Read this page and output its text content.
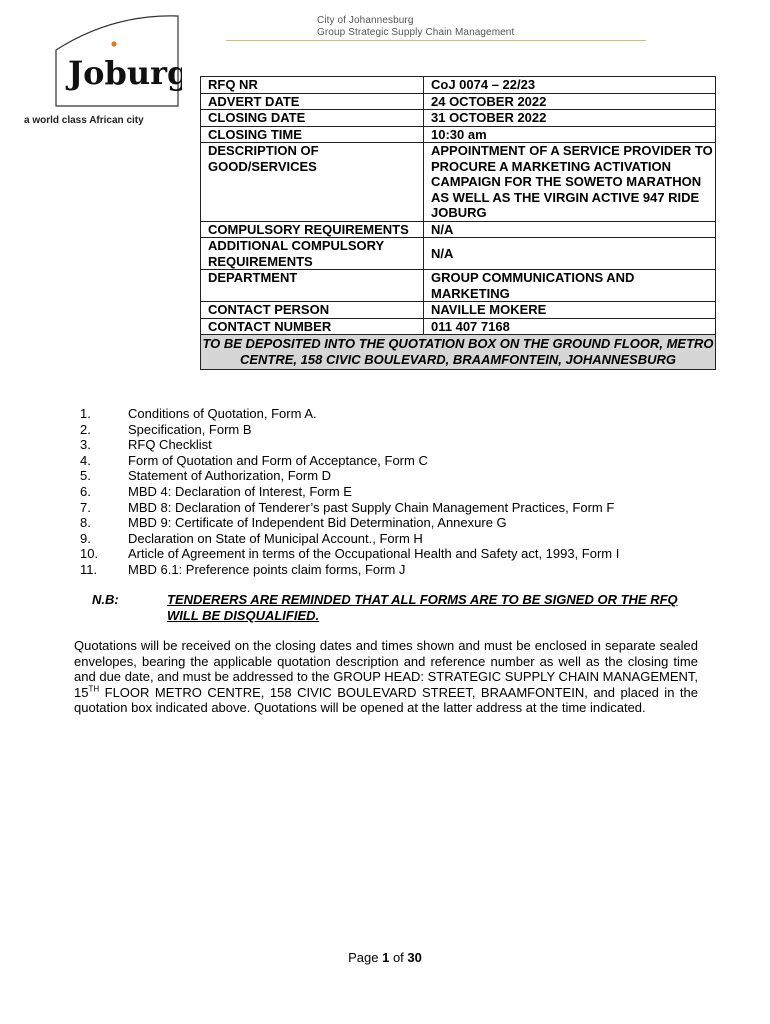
City of Johannesburg
Group Strategic Supply Chain Management
Joburg
a world class African city
RFQ NR	CoJ 0074 – 22/23
ADVERT DATE	24 OCTOBER 2022
CLOSING DATE	31 OCTOBER 2022
CLOSING TIME	10:30 am
DESCRIPTION OF GOOD/SERVICES	APPOINTMENT OF A SERVICE PROVIDER TO PROCURE A MARKETING ACTIVATION CAMPAIGN FOR THE SOWETO MARATHON AS WELL AS THE VIRGIN ACTIVE 947 RIDE JOBURG
COMPULSORY REQUIREMENTS	N/A
ADDITIONAL COMPULSORY REQUIREMENTS	N/A
DEPARTMENT	GROUP COMMUNICATIONS AND MARKETING
CONTACT PERSON	NAVILLE MOKERE
CONTACT NUMBER	011 407 7168
TO BE DEPOSITED INTO THE QUOTATION BOX ON THE GROUND FLOOR, METRO CENTRE, 158 CIVIC BOULEVARD, BRAAMFONTEIN, JOHANNESBURG	
1.	Conditions of Quotation, Form A.
2.	Specification, Form B
3.	RFQ Checklist
4.	Form of Quotation and Form of Acceptance, Form C
5.	Statement of Authorization, Form D
6.	MBD 4: Declaration of Interest, Form E
7.	MBD 8: Declaration of Tenderer’s past Supply Chain Management Practices, Form F
8.	MBD 9: Certificate of Independent Bid Determination, Annexure G
9.	Declaration on State of Municipal Account., Form H
10.	Article of Agreement in terms of the Occupational Health and Safety act, 1993, Form I
11.	MBD 6.1: Preference points claim forms, Form J
N.B:	TENDERERS ARE REMINDED THAT ALL FORMS ARE TO BE SIGNED OR THE RFQ WILL BE DISQUALIFIED.
Quotations will be received on the closing dates and times shown and must be enclosed in separate sealed envelopes, bearing the applicable quotation description and reference number as well as the closing time and due date, and must be addressed to the GROUP HEAD: STRATEGIC SUPPLY CHAIN MANAGEMENT, 15TH FLOOR METRO CENTRE, 158 CIVIC BOULEVARD STREET, BRAAMFONTEIN, and placed in the quotation box indicated above. Quotations will be opened at the latter address at the time indicated.
Page 1 of 30
